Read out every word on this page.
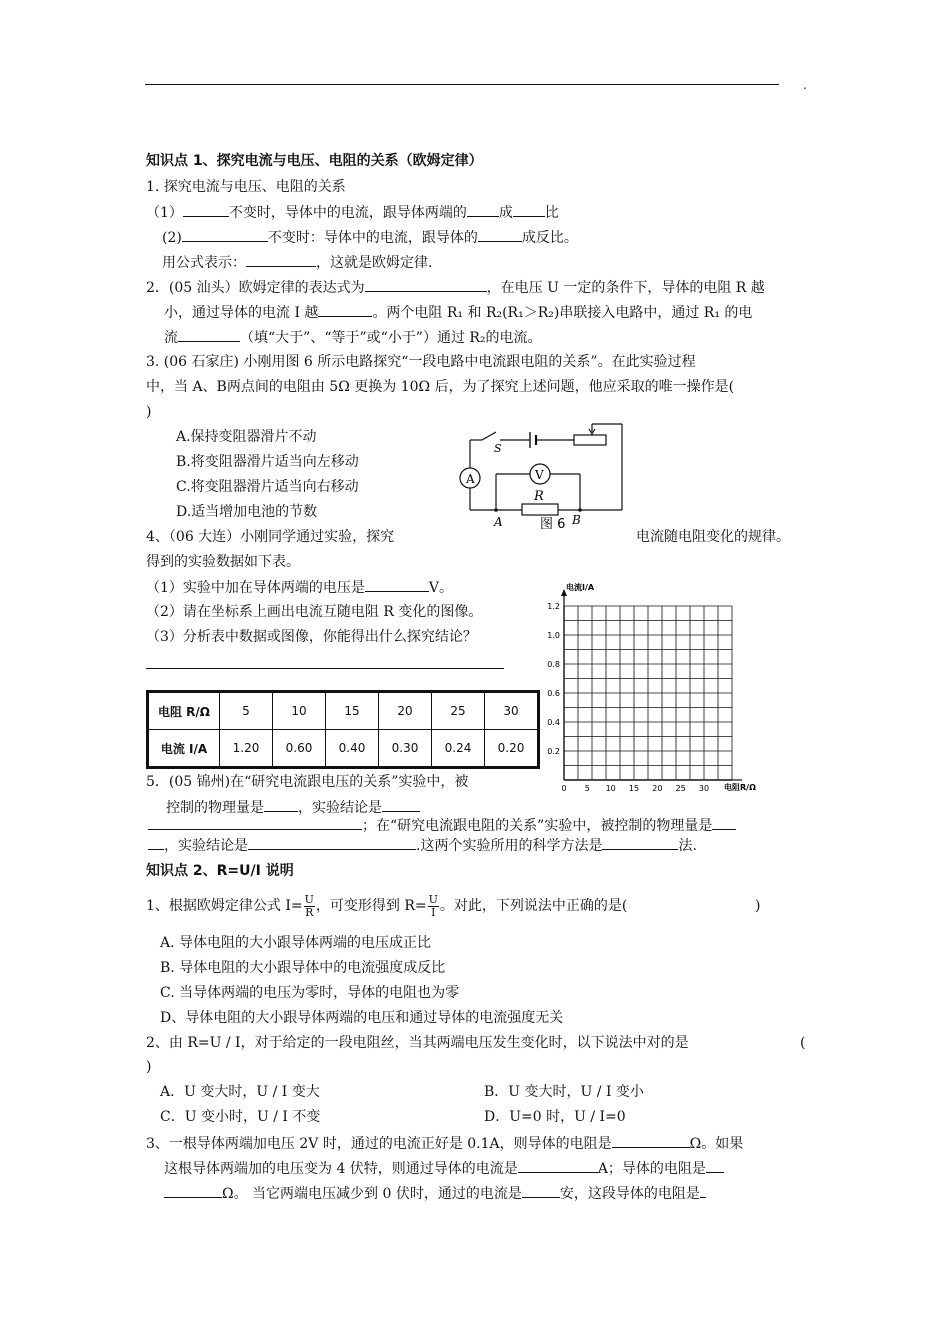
.
知识点 1、探究电流与电压、电阻的关系（欧姆定律）
1. 探究电流与电压、电阻的关系
（1）	不变时，导体中的电流，跟导体两端的 成 比
(2)	不变时：导体中的电流，跟导体的	成反比。
用公式表示：	，这就是欧姆定律.
2．(05 汕头）欧姆定律的表达式为	，在电压 U 一定的条件下，导体的电阻 R 越
小，通过导体的电流 I 越	。两个电阻 R₁ 和 R₂(R₁＞R₂)串联接入电路中，通过 R₁ 的电
流	（填“大于”、“等于”或“小于”）通过 R₂的电流。
3. (06 石家庄) 小刚用图 6 所示电路探究“一段电路中电流跟电阻的关系”。在此实验过程
中，当 A、B两点间的电阻由 5Ω 更换为 10Ω 后，为了探究上述问题，他应采取的唯一操作是(
)
A.保持变阻器滑片不动
B.将变阻器滑片适当向左移动
C.将变阻器滑片适当向右移动
D.适当增加电池的节数
S
A	V
R
A	B
图 6
4、（06 大连）小刚同学通过实验，探究	电流随电阻变化的规律。
得到的实验数据如下表。
（1）实验中加在导体两端的电压是	V。
（2）请在坐标系上画出电流互随电阻 R 变化的图像。
（3）分析表中数据或图像，你能得出什么探究结论？
电阻 R/Ω	5	10	15	20	25	30
电流 I/A	1.20	0.60	0.40	0.30	0.24	0.20
电流I/A
电阻R/Ω
1.2
1.0
0.8
0.6
0.4
0.2
0 5 10 15 20 25 30
5．(05 锦州)在“研究电流跟电压的关系”实验中，被
控制的物理量是 ，实验结论是
；在“研究电流跟电阻的关系”实验中，被控制的物理量是
，实验结论是	.这两个实验所用的科学方法是	法.
知识点 2、R=U/I 说明
1、根据欧姆定律公式 $I= \frac{U}{R}$ ，可变形得到 $R= \frac{U}{I}$ 。对此，下列说法中正确的是(	)
A. 导体电阻的大小跟导体两端的电压成正比
B. 导体电阻的大小跟导体中的电流强度成反比
C. 当导体两端的电压为零时，导体的电阻也为零
D、导体电阻的大小跟导体两端的电压和通过导体的电流强度无关
2、由 R=U / I，对于给定的一段电阻丝，当其两端电压发生变化时，以下说法中对的是	(
)
A．U 变大时，U / I 变大	B．U 变大时，U / I 变小
C．U 变小时，U / I 不变	D．U=0 时，U / I=0
3、一根导体两端加电压 2V 时，通过的电流正好是 0.1A，则导体的电阻是	Ω。如果
这根导体两端加的电压变为 4 伏特，则通过导体的电流是	A；导体的电阻是
Ω。 当它两端电压减少到 0 伏时，通过的电流是	安，这段导体的电阻是
